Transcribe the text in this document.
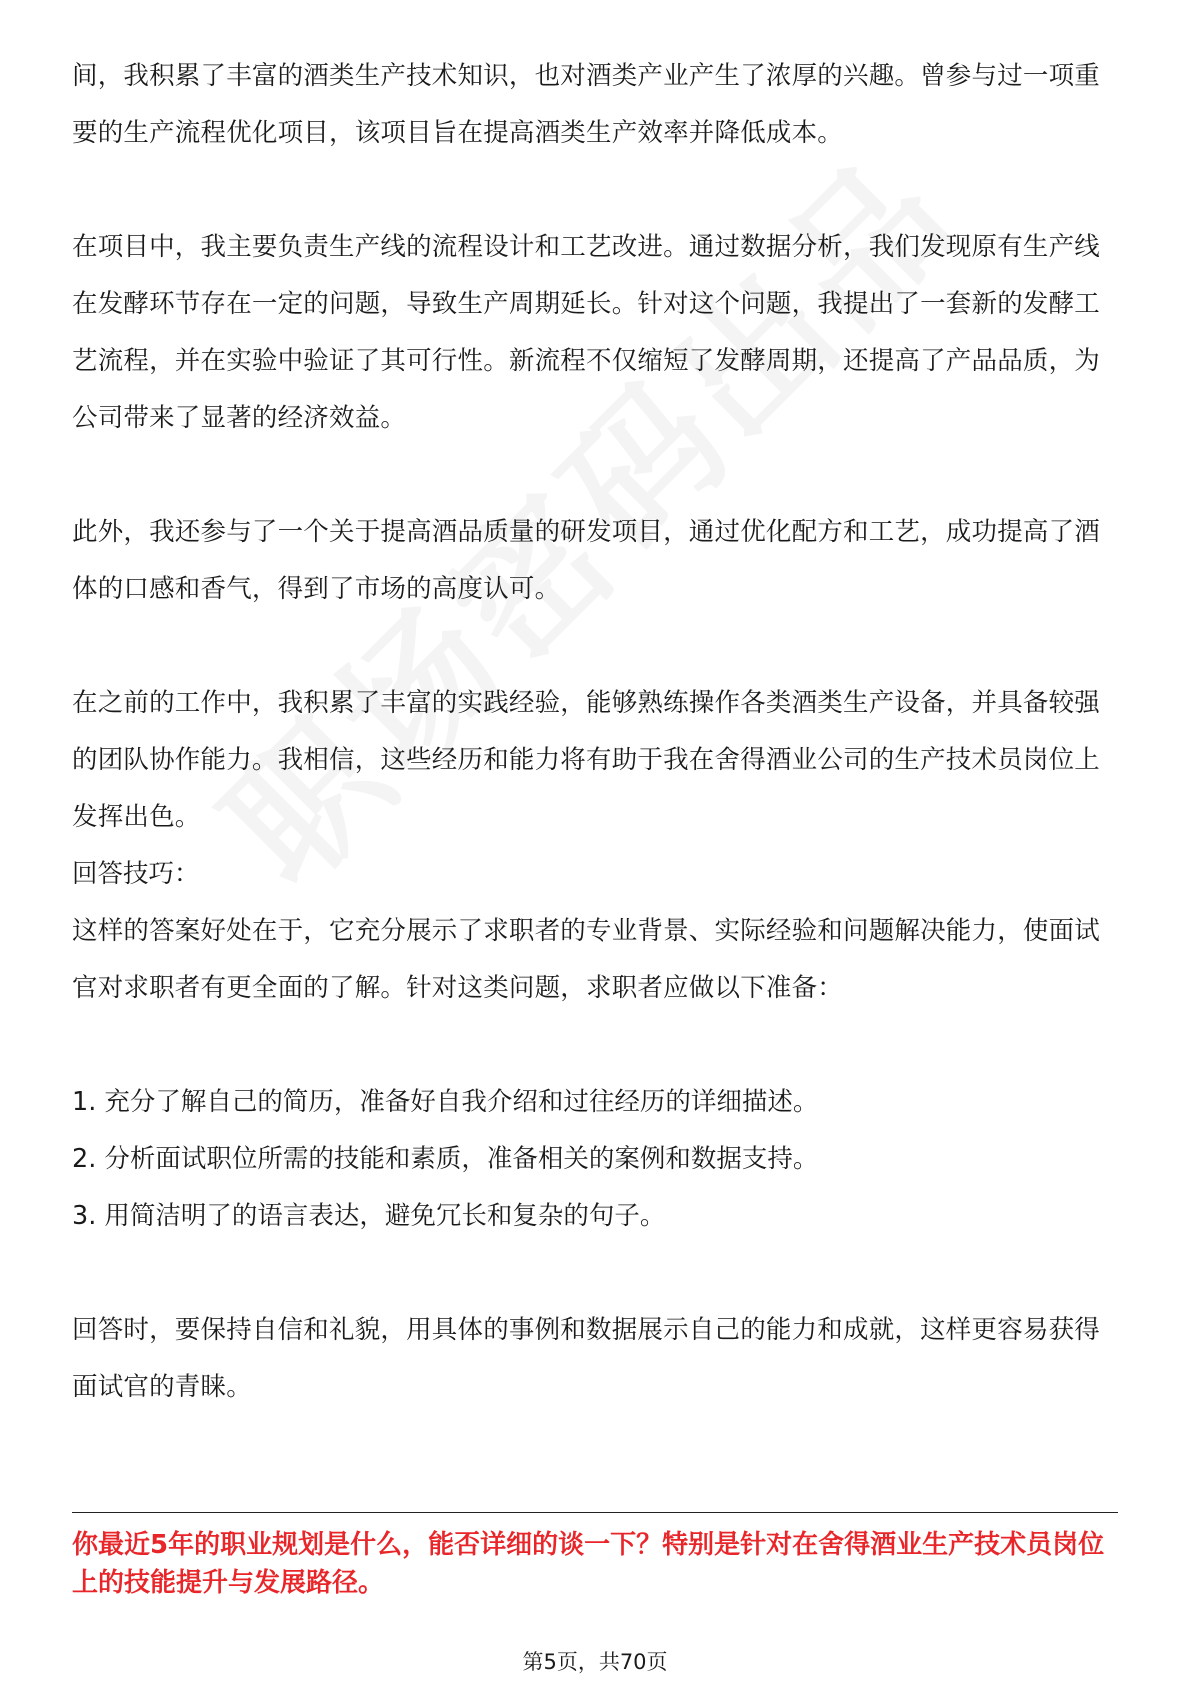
间，我积累了丰富的酒类生产技术知识，也对酒类产业产生了浓厚的兴趣。曾参与过一项重要的生产流程优化项目，该项目旨在提高酒类生产效率并降低成本。

在项目中，我主要负责生产线的流程设计和工艺改进。通过数据分析，我们发现原有生产线在发酵环节存在一定的问题，导致生产周期延长。针对这个问题，我提出了一套新的发酵工艺流程，并在实验中验证了其可行性。新流程不仅缩短了发酵周期，还提高了产品品质，为公司带来了显著的经济效益。

此外，我还参与了一个关于提高酒品质量的研发项目，通过优化配方和工艺，成功提高了酒体的口感和香气，得到了市场的高度认可。

在之前的工作中，我积累了丰富的实践经验，能够熟练操作各类酒类生产设备，并具备较强的团队协作能力。我相信，这些经历和能力将有助于我在舍得酒业公司的生产技术员岗位上发挥出色。

回答技巧：

这样的答案好处在于，它充分展示了求职者的专业背景、实际经验和问题解决能力，使面试官对求职者有更全面的了解。针对这类问题，求职者应做以下准备：

1. 充分了解自己的简历，准备好自我介绍和过往经历的详细描述。

2. 分析面试职位所需的技能和素质，准备相关的案例和数据支持。

3. 用简洁明了的语言表达，避免冗长和复杂的句子。

回答时，要保持自信和礼貌，用具体的事例和数据展示自己的能力和成就，这样更容易获得面试官的青睐。

你最近5年的职业规划是什么，能否详细的谈一下？特别是针对在舍得酒业生产技术员岗位上的技能提升与发展路径。

第5页，共70页
